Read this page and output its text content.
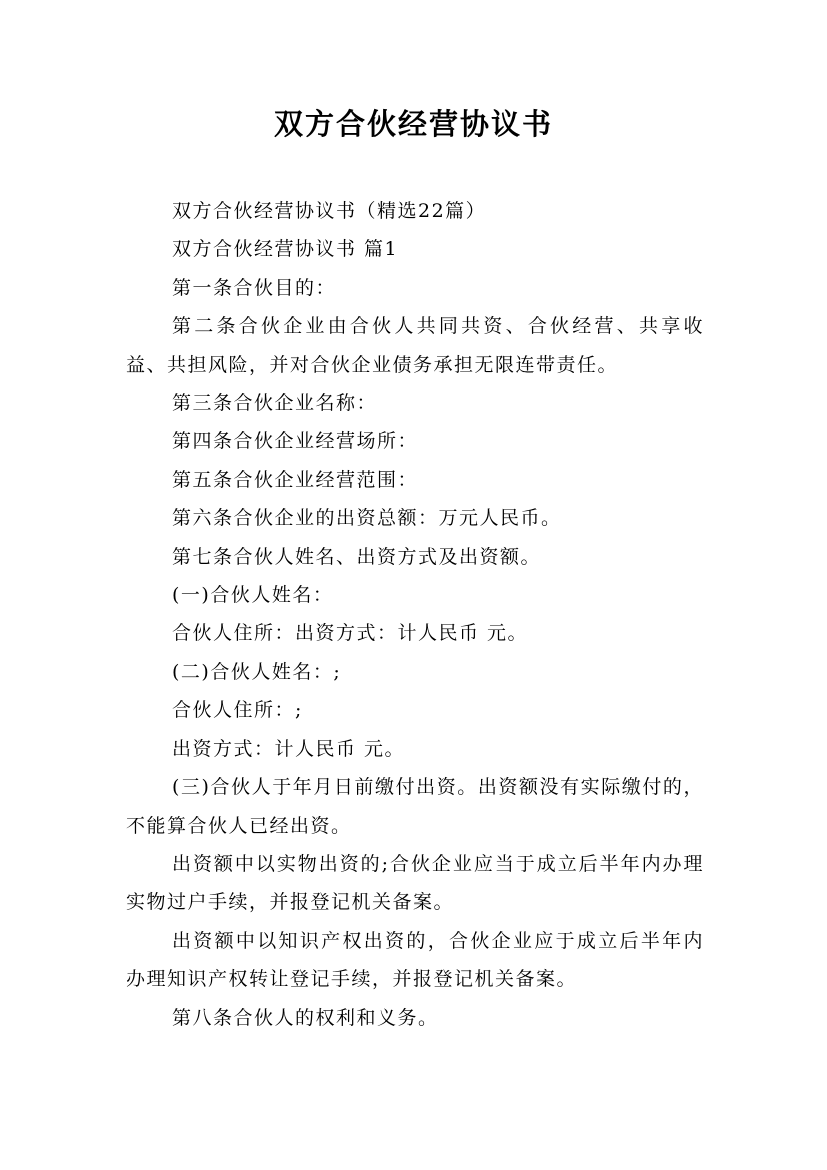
双方合伙经营协议书

双方合伙经营协议书（精选22篇）

双方合伙经营协议书 篇1

第一条合伙目的：

第二条合伙企业由合伙人共同共资、合伙经营、共享收益、共担风险，并对合伙企业债务承担无限连带责任。

第三条合伙企业名称：

第四条合伙企业经营场所：

第五条合伙企业经营范围：

第六条合伙企业的出资总额：万元人民币。

第七条合伙人姓名、出资方式及出资额。

(一)合伙人姓名：

合伙人住所：出资方式：计人民币 元。

(二)合伙人姓名：;

合伙人住所：;

出资方式：计人民币 元。

(三)合伙人于年月日前缴付出资。出资额没有实际缴付的，不能算合伙人已经出资。

出资额中以实物出资的;合伙企业应当于成立后半年内办理实物过户手续，并报登记机关备案。

出资额中以知识产权出资的，合伙企业应于成立后半年内办理知识产权转让登记手续，并报登记机关备案。

第八条合伙人的权利和义务。
